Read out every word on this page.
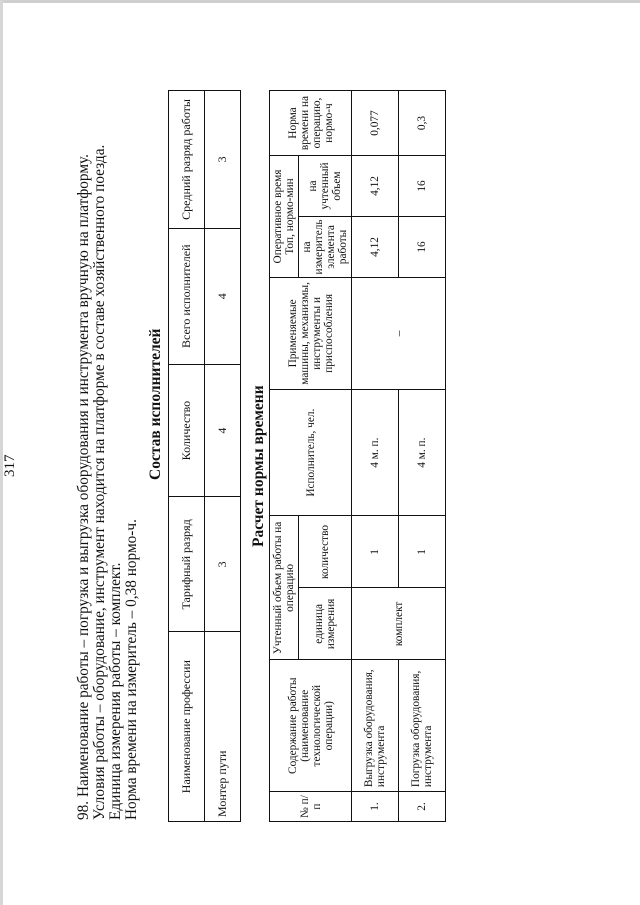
317	98. Наименование работы – погрузка и выгрузка оборудования и инструмента вручную на платформу. Условия работы – оборудование, инструмент находится на платформе в составе хозяйственного поезда. Единица измерения работы – комплект. Норма времени на измеритель – 0,38 нормо-ч.
Состав исполнителей
Наименование профессии	Тарифный разряд	Количество	Всего исполнителей	Средний разряд работы
Монтер пути	3	4	4	3
Расчет нормы времени
№ п/п	Содержание работы (наименование технологической операции)	Учтенный объем работы на операцию		Исполнитель, чел.	Применяемые машины, механизмы, инструменты и приспособления	Оперативное время Топ, нормо-мин		Норма времени на операцию, нормо-ч
		единица измерения	количество			на измеритель элемента работы	на учтенный объем	
1.	Выгрузка оборудования, инструмента	комплект	1	4 м. п.	–	4,12	4,12	0,077
2.	Погрузка оборудования, инструмента		1	4 м. п.		16	16	0,3
